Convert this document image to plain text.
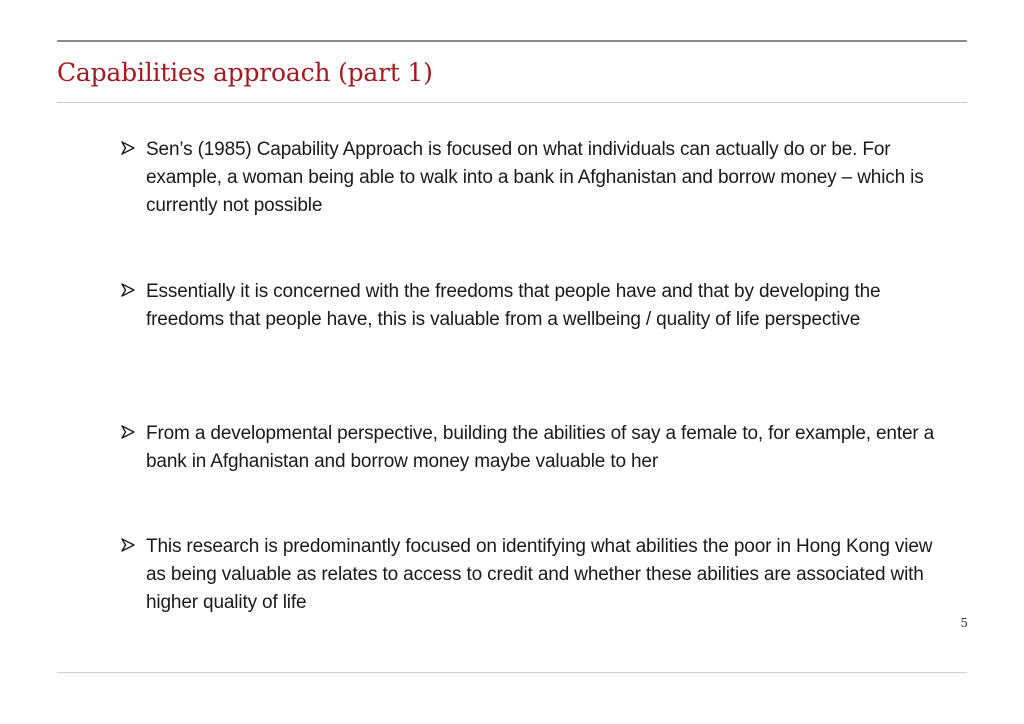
Capabilities approach (part 1)
Sen’s (1985) Capability Approach is focused on what individuals can actually do or be. For example, a woman being able to walk into a bank in Afghanistan and borrow money – which is currently not possible
Essentially it is concerned with the freedoms that people have and that by developing the freedoms that people have, this is valuable from a wellbeing / quality of life perspective
From a developmental perspective, building the abilities of say a female to, for example, enter a bank in Afghanistan and borrow money maybe valuable to her
This research is predominantly focused on identifying what abilities the poor in Hong Kong view as being valuable as relates to access to credit and whether these abilities are associated with higher quality of life
5
